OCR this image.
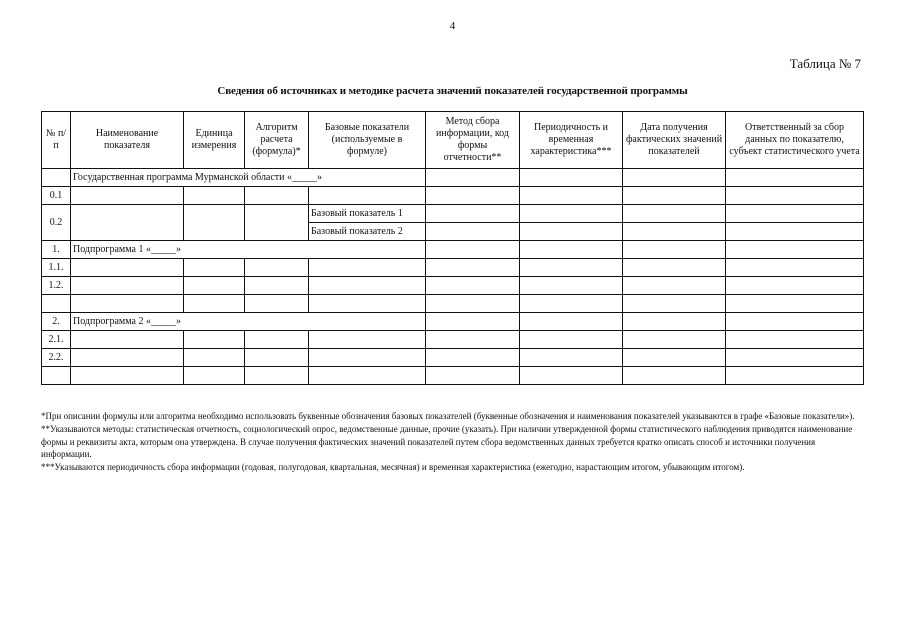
4
Таблица № 7
Сведения об источниках и методике расчета значений показателей государственной программы
№ п/п	Наименование показателя	Единица измерения	Алгоритм расчета (формула)*	Базовые показатели (используемые в формуле)	Метод сбора информации, код формы отчетности**	Периодичность и временная характеристика***	Дата получения фактических значений показателей	Ответственный за сбор данных по показателю, субъект статистического учета
	Государственная программа Мурманской области «_____»							
0.1								
0.2				Базовый показатель 1				
				Базовый показатель 2				
1.	Подпрограмма 1 «_____»							
1.1.								
1.2.								

2.	Подпрограмма 2 «_____»							
2.1.								
2.2.								

*При описании формулы или алгоритма необходимо использовать буквенные обозначения базовых показателей (буквенные обозначения и наименования показателей указываются в графе «Базовые показатели»).

**Указываются методы: статистическая отчетность, социологический опрос, ведомственные данные, прочие (указать). При наличии утвержденной формы статистического наблюдения приводятся наименование формы и реквизиты акта, которым она утверждена. В случае получения фактических значений показателей путем сбора ведомственных данных требуется кратко описать способ и источники получения информации.

***Указываются периодичность сбора информации (годовая, полугодовая, квартальная, месячная) и временная характеристика (ежегодно, нарастающим итогом, убывающим итогом).
